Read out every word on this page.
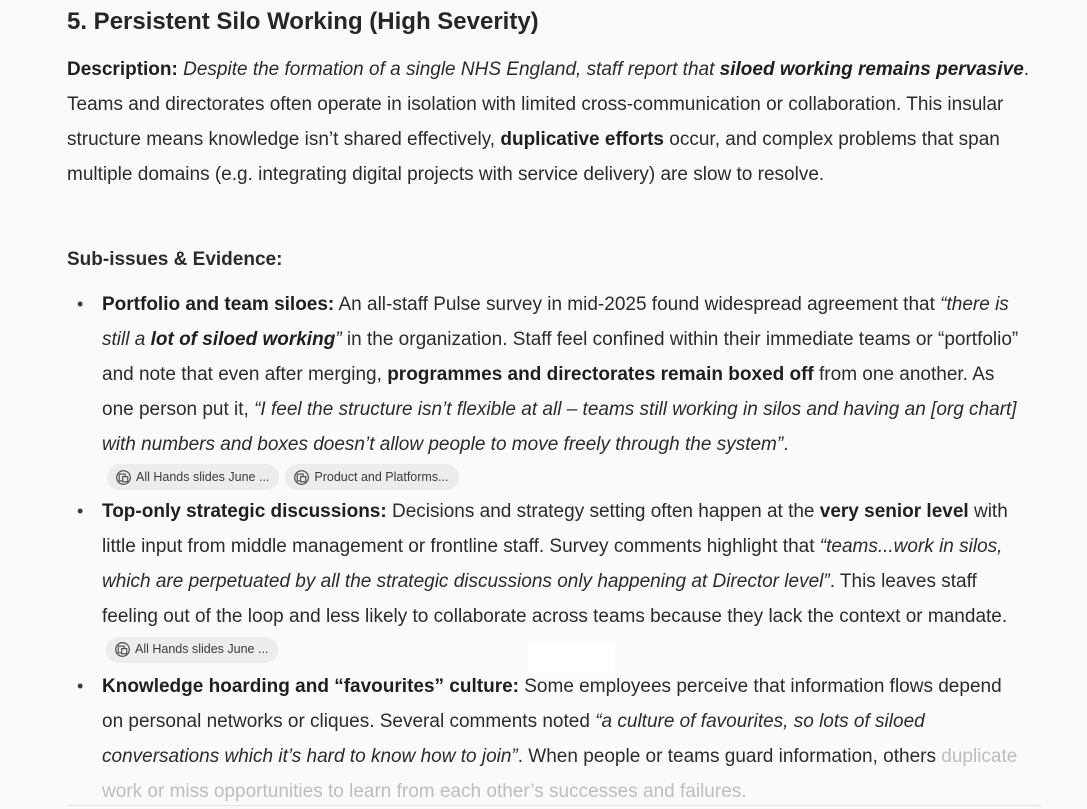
5. Persistent Silo Working (High Severity)

Description: Despite the formation of a single NHS England, staff report that siloed working remains pervasive. Teams and directorates often operate in isolation with limited cross-communication or collaboration. This insular structure means knowledge isn’t shared effectively, duplicative efforts occur, and complex problems that span multiple domains (e.g. integrating digital projects with service delivery) are slow to resolve.

Sub-issues & Evidence:

• Portfolio and team siloes: An all-staff Pulse survey in mid-2025 found widespread agreement that “there is still a lot of siloed working” in the organization. Staff feel confined within their immediate teams or “portfolio” and note that even after merging, programmes and directorates remain boxed off from one another. As one person put it, “I feel the structure isn’t flexible at all – teams still working in silos and having an [org chart] with numbers and boxes doesn’t allow people to move freely through the system”.
All Hands slides June ...	Product and Platforms...
• Top-only strategic discussions: Decisions and strategy setting often happen at the very senior level with little input from middle management or frontline staff. Survey comments highlight that “teams...work in silos, which are perpetuated by all the strategic discussions only happening at Director level”. This leaves staff feeling out of the loop and less likely to collaborate across teams because they lack the context or mandate.
All Hands slides June ...
• Knowledge hoarding and “favourites” culture: Some employees perceive that information flows depend on personal networks or cliques. Several comments noted “a culture of favourites, so lots of siloed conversations which it’s hard to know how to join”. When people or teams guard information, others duplicate work or miss opportunities to learn from each other’s successes and failures.
